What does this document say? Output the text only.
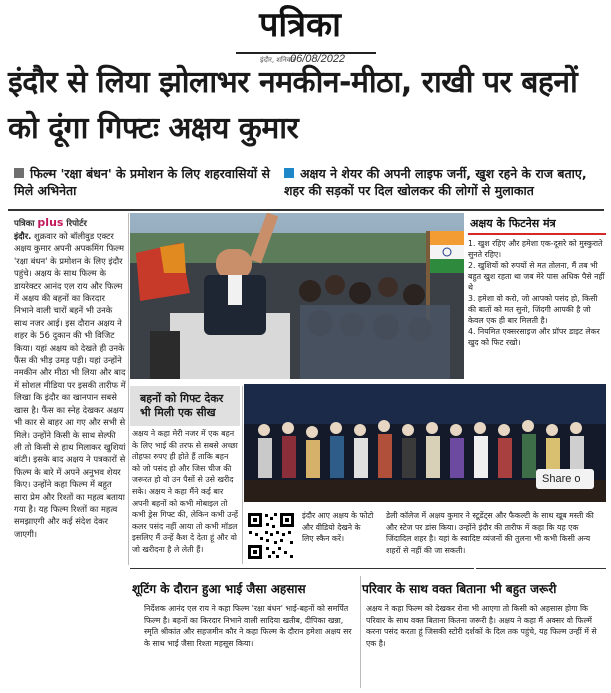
पत्रिका
इंदौर, शनिवार
06/08/2022
इंदौर से लिया झोलाभर नमकीन-मीठा, राखी पर बहनों को दूंगा गिफ्टः अक्षय कुमार
फिल्म 'रक्षा बंधन' के प्रमोशन के लिए शहरवासियों से मिले अभिनेता
अक्षय ने शेयर की अपनी लाइफ जर्नी, खुश रहने के राज बताए, शहर की सड़कों पर दिल खोलकर की लोगों से मुलाकात
पत्रिका plus रिपोर्टर
इंदौर. शुक्रवार को बॉलीवुड एक्टर अक्षय कुमार अपनी अपकमिंग फिल्म 'रक्षा बंधन' के प्रमोशन के लिए इंदौर पहुंचे। अक्षय के साथ फिल्म के डायरेक्टर आनंद एल राय और फिल्म में अक्षय की बहनों का किरदार निभाने वाली चारों बहनें भी उनके साथ नजर आई। इस दौरान अक्षय ने शहर के 56 दुकान की भी विजिट किया। यहां अक्षय को देखते ही उनके फैंस की भीड़ उमड़ पड़ी। यहां उन्होंने नमकीन और मीठा भी लिया और बाद में सोशल मीडिया पर इसकी तारीफ में लिखा कि इंदौर का खानपान सबसे खास है। फैंस का स्नेह देखकर अक्षय भी कार से बाहर आ गए और सभी से मिले। उन्होंने किसी के साथ सेल्फी ली तो किसी से हाथ मिलाकर खुशियां बांटी। इसके बाद अक्षय ने पत्रकारों से फिल्म के बारे में अपने अनुभव शेयर किए। उन्होंने कहा फिल्म में बहुत सारा प्रेम और रिश्तों का महत्व बताया गया है। यह फिल्म रिश्तों का महत्व समझाएगी और कई संदेश देकर जाएगी।
अक्षय के फिटनेस मंत्र
1. खुश रहिए और हमेशा एक-दूसरे को मुस्कुराते सुनते रहिए।
2. खुशियों को रुपयों से मत तोलना, मैं तब भी बहुत खुश रहता था जब मेरे पास अधिक पैसे नहीं थे
3. हमेशा वो करो, जो आपको पसंद हो, किसी की बातों को मत सुनो, जिंदगी आपकी है जो केवल एक ही बार मिलती है।
4. नियमित एक्सरसाइज और प्रॉपर डाइट लेकर खुद को फिट रखो।
बहनों को गिफ्ट देकर भी मिली एक सीख
अक्षय ने कहा मेरी नजर में एक बहन के लिए भाई की तरफ से सबसे अच्छा तोहफा रुपए ही होते हैं ताकि बहन को जो पसंद हो और जिस चीज की जरूरत हो वो उन पैसों से उसे खरीद सके। अक्षय ने कहा मैंने कई बार अपनी बहनों को कभी मोबाइल तो कभी ड्रेस गिफ्ट की, लेकिन कभी उन्हें कलर पसंद नहीं आया तो कभी मॉडल इसलिए मैं उन्हें कैश दे देता हूं और वो जो खरीदना है ले लेती हैं।
Share o
इंदौर आए अक्षय के फोटो और वीडियो देखने के लिए स्कैन करें।
डेली कॉलेज में अक्षय कुमार ने स्टूडेंट्स और फैकल्टी के साथ खूब मस्ती की और स्टेज पर डांस किया। उन्होंने इंदौर की तारीफ में कहा कि यह एक जिंदादिल शहर है। यहां के स्वादिष्ट व्यंजनों की तुलना भी कभी किसी अन्य शहरों से नहीं की जा सकती।
शूटिंग के दौरान हुआ भाई जैसा अहसास
निर्देशक आनंद एल राय ने कहा फिल्म 'रक्षा बंधन' भाई-बहनों को समर्पित फिल्म है। बहनों का किरदार निभाने वाली सादिया खतीब, दीपिका खन्ना, स्मृति श्रीकांत और सहजमीन कौर ने कहा फिल्म के दौरान हमेशा अक्षय सर के साथ भाई जैसा रिश्ता महसूस किया।
परिवार के साथ वक्त बिताना भी बहुत जरूरी
अक्षय ने कहा फिल्म को देखकर रोना भी आएगा तो किसी को अहसास होगा कि परिवार के साथ वक्त बिताना कितना जरूरी है। अक्षय ने कहा मैं अक्सर वो फिल्में करना पसंद करता हूं जिसकी स्टोरी दर्शकों के दिल तक पहुंचे, यह फिल्म उन्हीं में से एक है।
